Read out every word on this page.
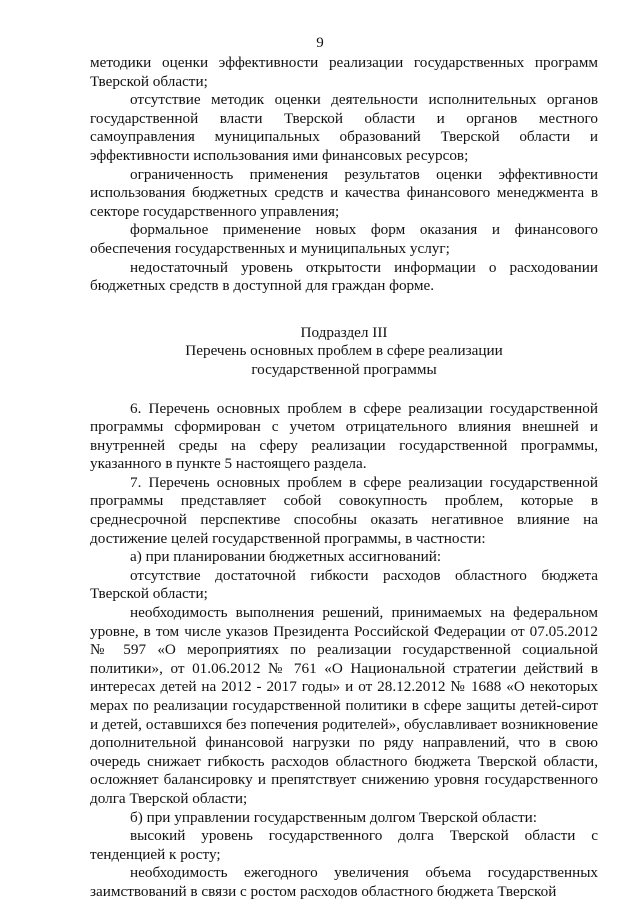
9

методики оценки эффективности реализации государственных программ Тверской области;

отсутствие методик оценки деятельности исполнительных органов государственной власти Тверской области и органов местного самоуправления муниципальных образований Тверской области и эффективности использования ими финансовых ресурсов;

ограниченность применения результатов оценки эффективности использования бюджетных средств и качества финансового менеджмента в секторе государственного управления;

формальное применение новых форм оказания и финансового обеспечения государственных и муниципальных услуг;

недостаточный уровень открытости информации о расходовании бюджетных средств в доступной для граждан форме.

Подраздел III

Перечень основных проблем в сфере реализации

государственной программы

6. Перечень основных проблем в сфере реализации государственной программы сформирован с учетом отрицательного влияния внешней и внутренней среды на сферу реализации государственной программы, указанного в пункте 5 настоящего раздела.

7. Перечень основных проблем в сфере реализации государственной программы представляет собой совокупность проблем, которые в среднесрочной перспективе способны оказать негативное влияние на достижение целей государственной программы, в частности:

а) при планировании бюджетных ассигнований:

отсутствие достаточной гибкости расходов областного бюджета Тверской области;

необходимость выполнения решений, принимаемых на федеральном уровне, в том числе указов Президента Российской Федерации от 07.05.2012 № 597 «О мероприятиях по реализации государственной социальной политики», от 01.06.2012 № 761 «О Национальной стратегии действий в интересах детей на 2012 - 2017 годы» и от 28.12.2012 № 1688 «О некоторых мерах по реализации государственной политики в сфере защиты детей-сирот и детей, оставшихся без попечения родителей», обуславливает возникновение дополнительной финансовой нагрузки по ряду направлений, что в свою очередь снижает гибкость расходов областного бюджета Тверской области, осложняет балансировку и препятствует снижению уровня государственного долга Тверской области;

б) при управлении государственным долгом Тверской области:

высокий уровень государственного долга Тверской области с тенденцией к росту;

необходимость ежегодного увеличения объема государственных заимствований в связи с ростом расходов областного бюджета Тверской
